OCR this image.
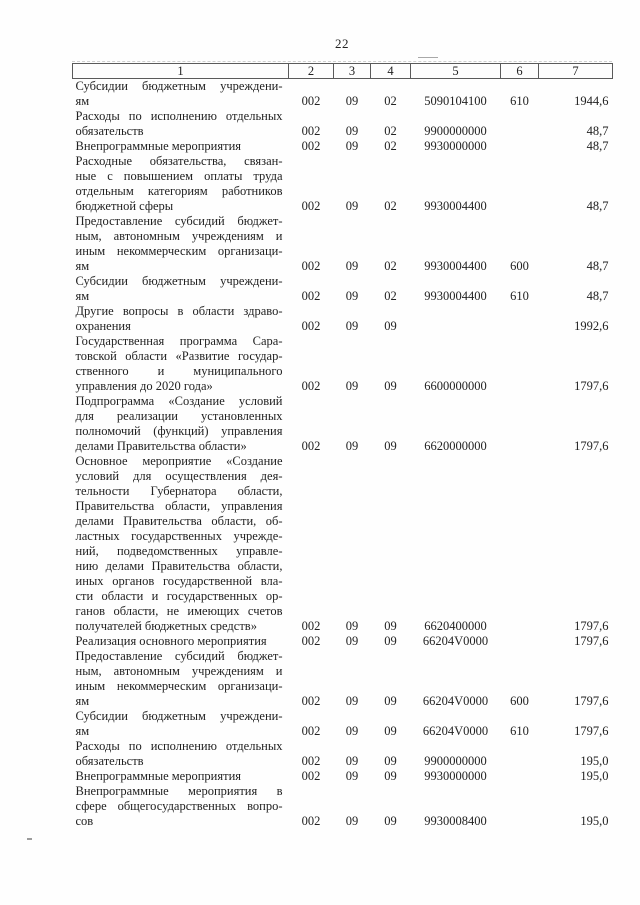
22
1	2	3	4	5	6	7

Субсидии бюджетным учреждени-
ям	002	09	02	5090104100	610	1944,6

Расходы по исполнению отдельных
обязательств	002	09	02	9900000000		48,7

Внепрограммные мероприятия	002	09	02	9930000000		48,7

Расходные обязательства, связан-
ные с повышением оплаты труда
отдельным категориям работников
бюджетной сферы	002	09	02	9930004400		48,7

Предоставление субсидий бюджет-
ным, автономным учреждениям и
иным некоммерческим организаци-
ям	002	09	02	9930004400	600	48,7

Субсидии бюджетным учреждени-
ям	002	09	02	9930004400	610	48,7

Другие вопросы в области здраво-
охранения	002	09	09			1992,6

Государственная программа Сара-
товской области «Развитие государ-
ственного и муниципального
управления до 2020 года»	002	09	09	6600000000		1797,6

Подпрограмма «Создание условий
для реализации установленных
полномочий (функций) управления
делами Правительства области»	002	09	09	6620000000		1797,6

Основное мероприятие «Создание
условий для осуществления дея-
тельности Губернатора области,
Правительства области, управления
делами Правительства области, об-
ластных государственных учрежде-
ний, подведомственных управле-
нию делами Правительства области,
иных органов государственной вла-
сти области и государственных ор-
ганов области, не имеющих счетов
получателей бюджетных средств»	002	09	09	6620400000		1797,6

Реализация основного мероприятия	002	09	09	66204V0000		1797,6

Предоставление субсидий бюджет-
ным, автономным учреждениям и
иным некоммерческим организаци-
ям	002	09	09	66204V0000	600	1797,6

Субсидии бюджетным учреждени-
ям	002	09	09	66204V0000	610	1797,6

Расходы по исполнению отдельных
обязательств	002	09	09	9900000000		195,0

Внепрограммные мероприятия	002	09	09	9930000000		195,0

Внепрограммные мероприятия в
сфере общегосударственных вопро-
сов	002	09	09	9930008400		195,0
